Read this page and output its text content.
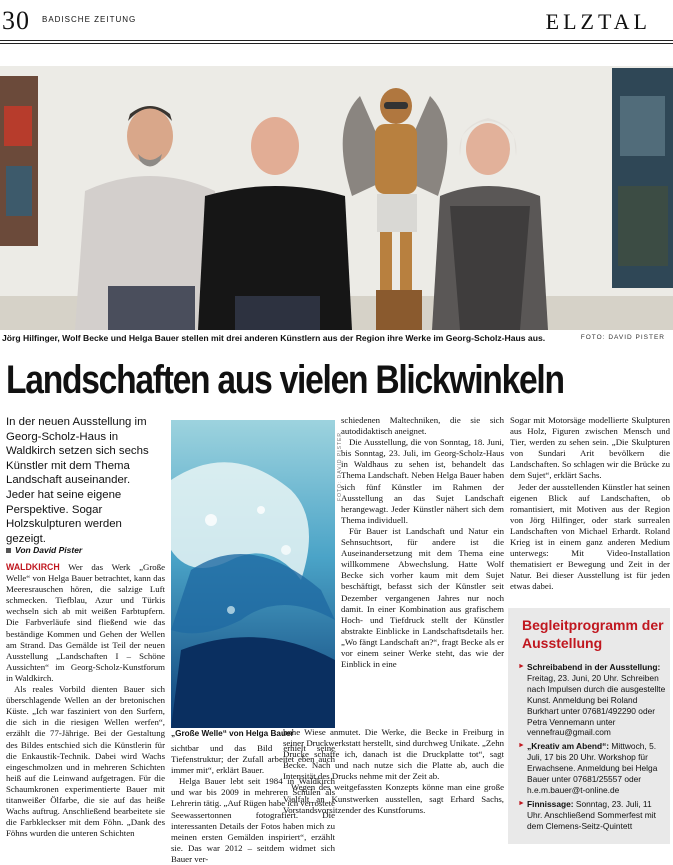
30 BADISCHE ZEITUNG	ELZTAL
Jörg Hilfinger, Wolf Becke und Helga Bauer stellen mit drei anderen Künstlern aus der Region ihre Werke im Georg-Scholz-Haus aus.	FOTO: DAVID PISTER
Landschaften aus vielen Blickwinkeln
In der neuen Ausstellung im Georg-Scholz-Haus in Waldkirch setzen sich sechs Künstler mit dem Thema Landschaft auseinander. Jeder hat seine eigene Perspektive. Sogar Holzskulpturen werden gezeigt.
Von David Pister

WALDKIRCH Wer das Werk „Große Welle“ von Helga Bauer betrachtet, kann das Meeresrauschen hören, die salzige Luft schmecken. Tiefblau, Azur und Türkis wechseln sich ab mit weißen Farbtupfern. Die Farbverläufe sind fließend wie das beständige Kommen und Gehen der Wellen am Strand. Das Gemälde ist Teil der neuen Ausstellung „Landschaften I – Schöne Aussichten“ im Georg-Scholz-Kunstforum in Waldkirch.

Als reales Vorbild dienten Bauer sich überschlagende Wellen an der bretonischen Küste. „Ich war fasziniert von den Surfern, die sich in die riesigen Wellen werfen“, erzählt die 77-Jährige. Bei der Gestaltung des Bildes entschied sich die Künstlerin für die Enkaustik-Technik. Dabei wird Wachs eingeschmolzen und in mehreren Schichten heiß auf die Leinwand aufgetragen. Für die Schaumkronen experimentierte Bauer mit titanweißer Ölfarbe, die sie auf das heiße Wachs auftrug. Anschließend bearbeitete sie die Farbkleckser mit dem Föhn. „Dank des Föhns wurden die unteren Schichten

FOTO: DAVID PISTER
„Große Welle“ von Helga Bauer

sichtbar und das Bild erhielt seine Tiefenstruktur; der Zufall arbeitet eben auch immer mit“, erklärt Bauer.

Helga Bauer lebt seit 1984 in Waldkirch und war bis 2009 in mehreren Schulen als Lehrerin tätig. „Auf Rügen habe ich verrostete Seewassertonnen fotografiert. Die interessanten Details der Fotos haben mich zu meinen ersten Gemälden inspiriert“, erzählt sie. Das war 2012 – seitdem widmet sich Bauer ver-

schiedenen Maltechniken, die sie sich autodidaktisch aneignet.

Die Ausstellung, die von Sonntag, 18. Juni, bis Sonntag, 23. Juli, im Georg-Scholz-Haus in Waldhaus zu sehen ist, behandelt das Thema Landschaft. Neben Helga Bauer haben sich fünf Künstler im Rahmen der Ausstellung an das Sujet Landschaft herangewagt. Jeder Künstler nähert sich dem Thema individuell.

Für Bauer ist Landschaft und Natur ein Sehnsuchtsort, für andere ist die Auseinandersetzung mit dem Thema eine willkommene Abwechslung. Hatte Wolf Becke sich vorher kaum mit dem Sujet beschäftigt, befasst sich der Künstler seit Dezember vergangenen Jahres nur noch damit. In einer Kombination aus grafischem Hoch- und Tiefdruck stellt der Künstler abstrakte Einblicke in Landschaftsdetails her. „Wo fängt Landschaft an?“, fragt Becke als er vor einem seiner Werke steht, das wie der Einblick in eine

hohe Wiese anmutet. Die Werke, die Becke in Freiburg in seiner Druckwerkstatt herstellt, sind durchweg Unikate. „Zehn Drucke schaffe ich, danach ist die Druckplatte tot“, sagt Becke. Nach und nach nutze sich die Platte ab, auch die Intensität des Drucks nehme mit der Zeit ab.

Wegen des weitgefassten Konzepts könne man eine große Vielfalt an Kunstwerken ausstellen, sagt Erhard Sachs, Vorstandsvorsitzender des Kunstforums.

Sogar mit Motorsäge modellierte Skulpturen aus Holz, Figuren zwischen Mensch und Tier, werden zu sehen sein. „Die Skulpturen von Sundari Arit bevölkern die Landschaften. So schlagen wir die Brücke zu dem Sujet“, erklärt Sachs.

Jeder der ausstellenden Künstler hat seinen eigenen Blick auf Landschaften, ob romantisiert, mit Motiven aus der Region von Jörg Hilfinger, oder stark surrealen Landschaften von Michael Erhardt. Roland Krieg ist in einem ganz anderen Medium unterwegs: Mit Video-Installation thematisiert er Bewegung und Zeit in der Natur. Bei dieser Ausstellung ist für jeden etwas dabei.

Begleitprogramm der Ausstellung
► Schreibabend in der Ausstellung: Freitag, 23. Juni, 20 Uhr. Schreiben nach Impulsen durch die ausgestellte Kunst. Anmeldung bei Roland Burkhart unter 07681/492290 oder Petra Vennemann unter vennefrau@gmail.com
► „Kreativ am Abend“: Mittwoch, 5. Juli, 17 bis 20 Uhr. Workshop für Erwachsene. Anmeldung bei Helga Bauer unter 07681/25557 oder h.e.m.bauer@t-online.de
► Finnissage: Sonntag, 23. Juli, 11 Uhr. Anschließend Sommerfest mit dem Clemens-Seitz-Quintett
